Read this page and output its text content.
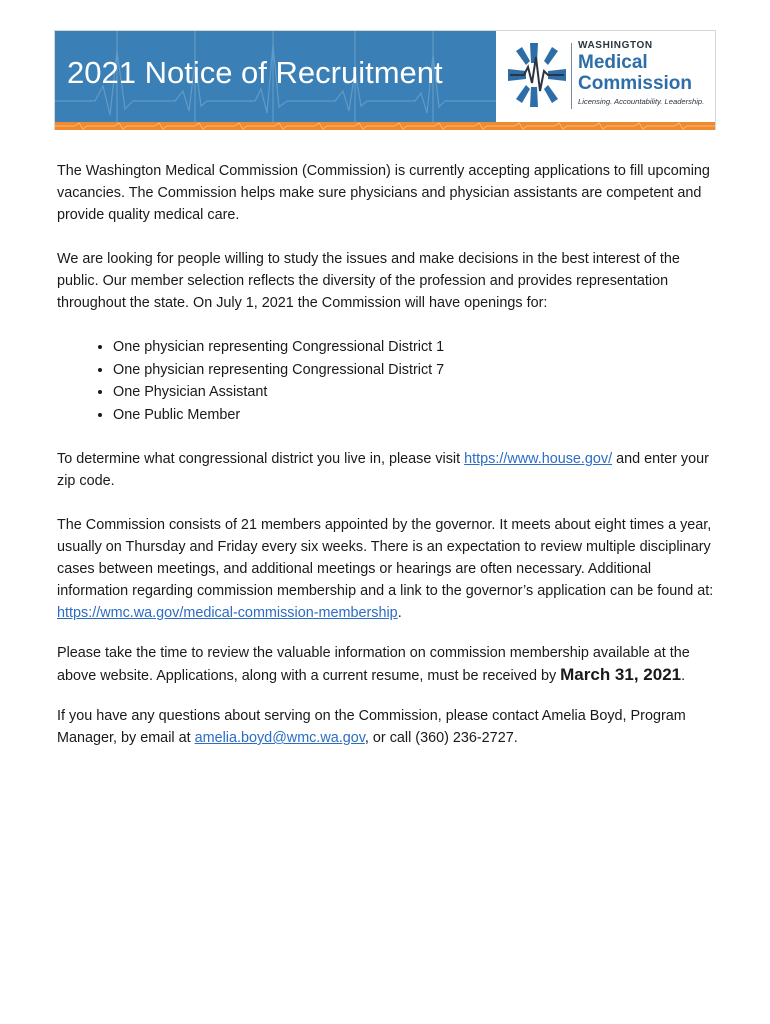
2021 Notice of Recruitment
WASHINGTON
Medical
Commission
Licensing. Accountability. Leadership.

The Washington Medical Commission (Commission) is currently accepting applications to fill upcoming vacancies. The Commission helps make sure physicians and physician assistants are competent and provide quality medical care.

We are looking for people willing to study the issues and make decisions in the best interest of the public. Our member selection reflects the diversity of the profession and provides representation throughout the state. On July 1, 2021 the Commission will have openings for:

• One physician representing Congressional District 1
• One physician representing Congressional District 7
• One Physician Assistant
• One Public Member

To determine what congressional district you live in, please visit https://www.house.gov/ and enter your zip code.

The Commission consists of 21 members appointed by the governor. It meets about eight times a year, usually on Thursday and Friday every six weeks. There is an expectation to review multiple disciplinary cases between meetings, and additional meetings or hearings are often necessary. Additional information regarding commission membership and a link to the governor’s application can be found at: https://wmc.wa.gov/medical-commission-membership.

Please take the time to review the valuable information on commission membership available at the above website. Applications, along with a current resume, must be received by March 31, 2021.

If you have any questions about serving on the Commission, please contact Amelia Boyd, Program Manager, by email at amelia.boyd@wmc.wa.gov, or call (360) 236-2727.
